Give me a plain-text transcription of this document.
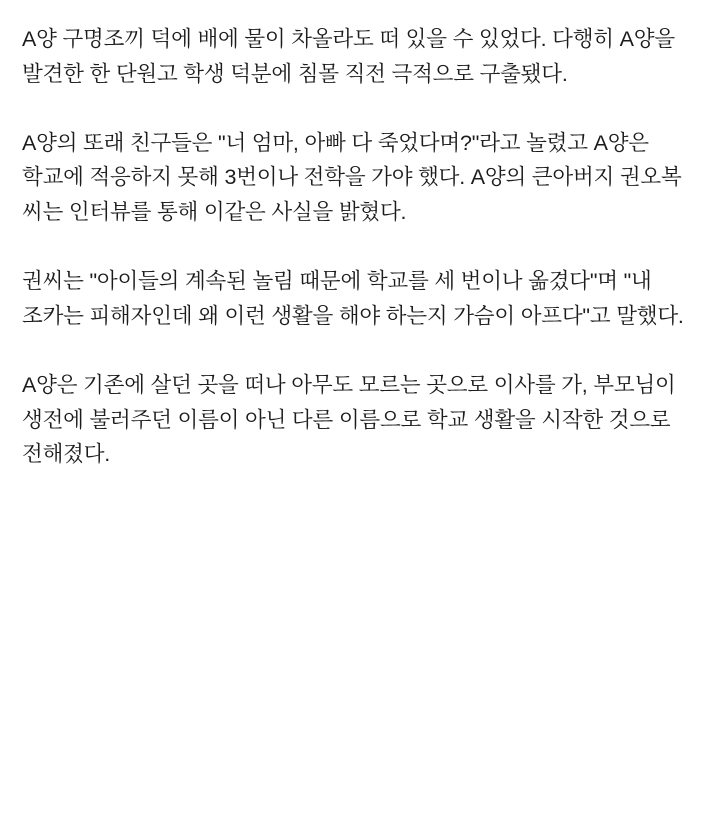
A양 구명조끼 덕에 배에 물이 차올라도 떠 있을 수 있었다. 다행히 A양을 발견한 한 단원고 학생 덕분에 침몰 직전 극적으로 구출됐다.

A양의 또래 친구들은 "너 엄마, 아빠 다 죽었다며?"라고 놀렸고 A양은 학교에 적응하지 못해 3번이나 전학을 가야 했다. A양의 큰아버지 권오복 씨는 인터뷰를 통해 이같은 사실을 밝혔다.

권씨는 "아이들의 계속된 놀림 때문에 학교를 세 번이나 옮겼다"며 "내 조카는 피해자인데 왜 이런 생활을 해야 하는지 가슴이 아프다"고 말했다.

A양은 기존에 살던 곳을 떠나 아무도 모르는 곳으로 이사를 가, 부모님이 생전에 불러주던 이름이 아닌 다른 이름으로 학교 생활을 시작한 것으로 전해졌다.
